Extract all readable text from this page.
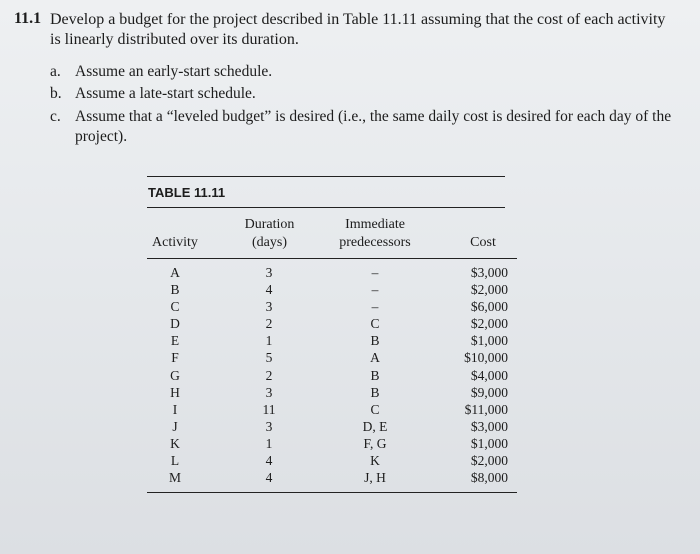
11.1 Develop a budget for the project described in Table 11.11 assuming that the cost of each activity is linearly distributed over its duration.
a. Assume an early-start schedule.
b. Assume a late-start schedule.
c. Assume that a “leveled budget” is desired (i.e., the same daily cost is desired for each day of the project).
TABLE 11.11
Activity
Duration
(days)
Immediate
predecessors	Cost
A
B
C
D
E
F
G
H
I
J
K
L
M
3
4
3
2
1
5
2
3
11
3
1
4
4
–
–
–
C
B
A
B
B
C
D, E
F, G
K
J, H
$3,000
$2,000
$6,000
$2,000
$1,000
$10,000
$4,000
$9,000
$11,000
$3,000
$1,000
$2,000
$8,000
